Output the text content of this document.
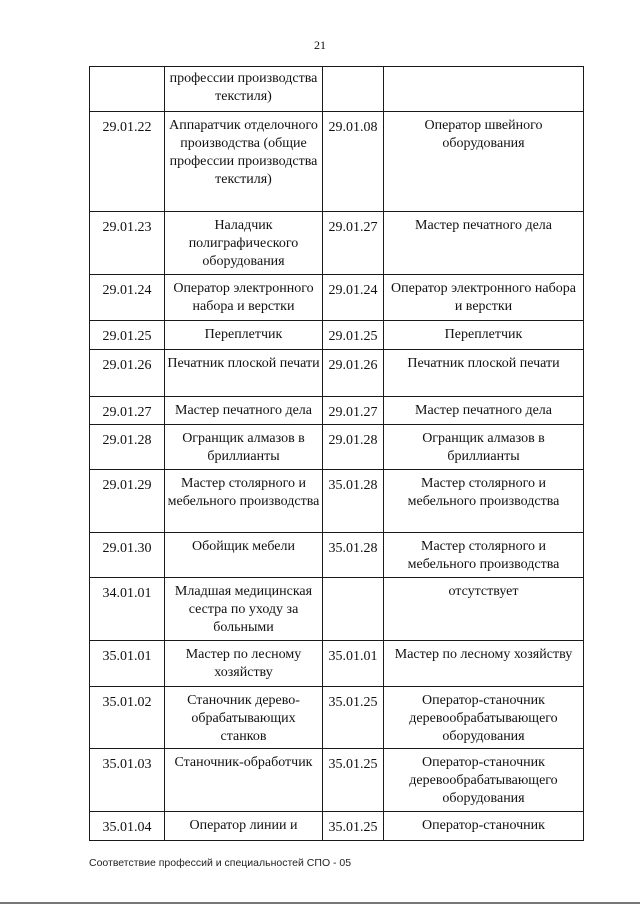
21
	профессии производства текстиля)		
29.01.22	Аппаратчик отделочного производства (общие профессии производства текстиля)	29.01.08	Оператор швейного оборудования
29.01.23	Наладчик полиграфического оборудования	29.01.27	Мастер печатного дела
29.01.24	Оператор электронного набора и верстки	29.01.24	Оператор электронного набора и верстки
29.01.25	Переплетчик	29.01.25	Переплетчик
29.01.26	Печатник плоской печати	29.01.26	Печатник плоской печати
29.01.27	Мастер печатного дела	29.01.27	Мастер печатного дела
29.01.28	Огранщик алмазов в бриллианты	29.01.28	Огранщик алмазов в бриллианты
29.01.29	Мастер столярного и мебельного производства	35.01.28	Мастер столярного и мебельного производства
29.01.30	Обойщик мебели	35.01.28	Мастер столярного и мебельного производства
34.01.01	Младшая медицинская сестра по уходу за больными		отсутствует
35.01.01	Мастер по лесному хозяйству	35.01.01	Мастер по лесному хозяйству
35.01.02	Станочник дерево-обрабатывающих станков	35.01.25	Оператор-станочник деревообрабатывающего оборудования
35.01.03	Станочник-обработчик	35.01.25	Оператор-станочник деревообрабатывающего оборудования
35.01.04	Оператор линии и	35.01.25	Оператор-станочник
Соответствие профессий и специальностей СПО - 05
